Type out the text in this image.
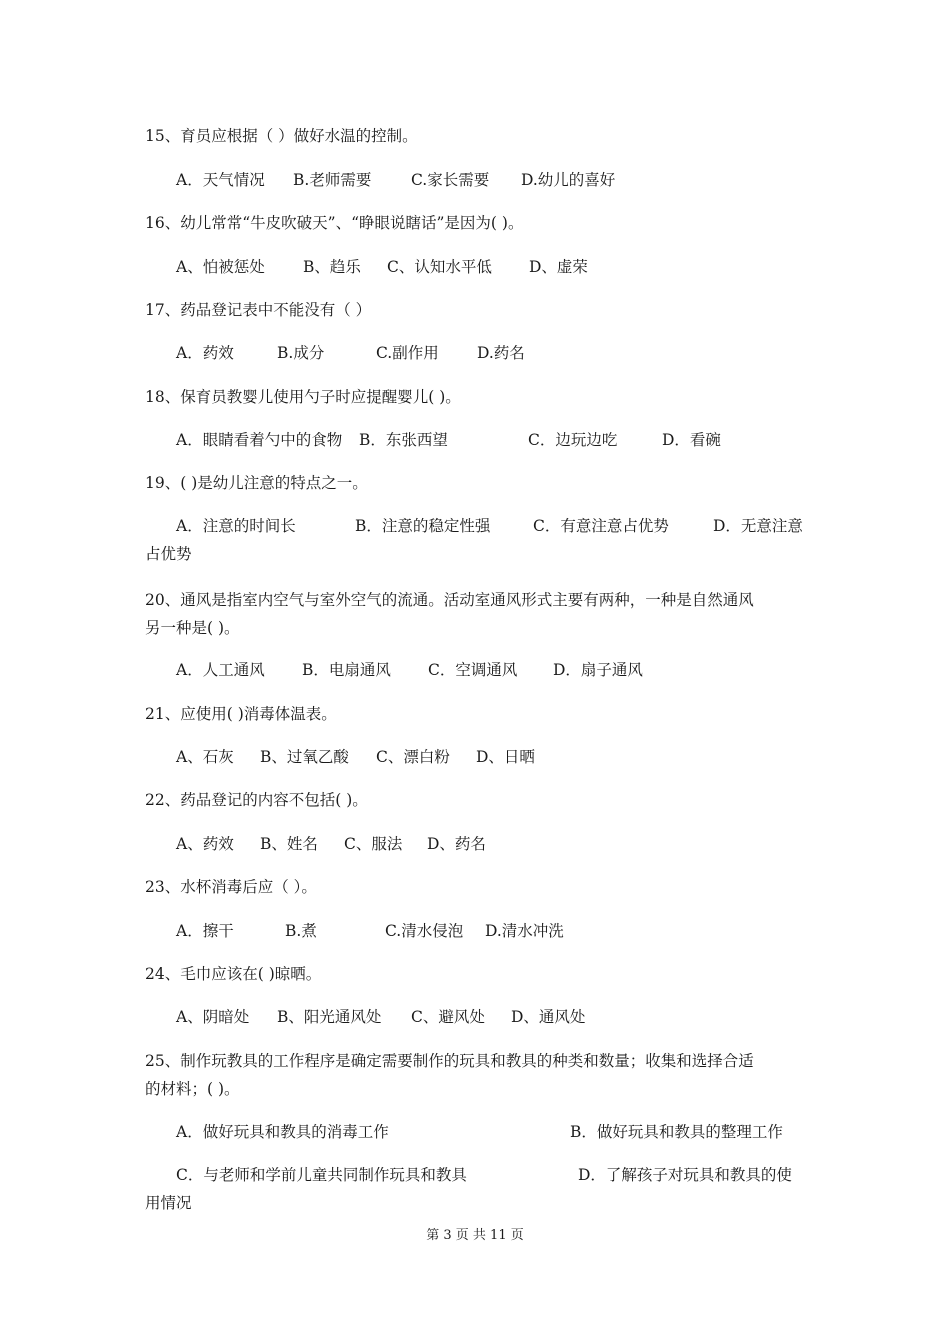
15、育员应根据（ ）做好水温的控制。
A．天气情况 B.老师需要	C.家长需要 D.幼儿的喜好
16、幼儿常常“牛皮吹破天”、“睁眼说瞎话”是因为( )。
A、怕被惩处 B、趋乐 C、认知水平低 D、虚荣
17、药品登记表中不能没有（ ）
A．药效	B.成分	C.副作用 D.药名
18、保育员教婴儿使用勺子时应提醒婴儿( )。
A．眼睛看着勺中的食物 B．东张西望	C．边玩边吃	D．看碗
19、( )是幼儿注意的特点之一。
A．注意的时间长	B．注意的稳定性强	C．有意注意占优势	D．无意注意
占优势
20、通风是指室内空气与室外空气的流通。活动室通风形式主要有两种，一种是自然通风
另一种是( )。
A．人工通风 B．电扇通风 C．空调通风 D．扇子通风
21、应使用( )消毒体温表。
A、石灰 B、过氧乙酸 C、漂白粉 D、日晒
22、药品登记的内容不包括( )。
A、药效 B、姓名 C、服法 D、药名
23、水杯消毒后应（ ）。
A．擦干	B.煮	C.清水侵泡 D.清水冲洗
24、毛巾应该在( )晾晒。
A、阴暗处 B、阳光通风处 C、避风处 D、通风处
25、制作玩教具的工作程序是确定需要制作的玩具和教具的种类和数量；收集和选择合适
的材料；( )。
A．做好玩具和教具的消毒工作	B．做好玩具和教具的整理工作
C．与老师和学前儿童共同制作玩具和教具	D．了解孩子对玩具和教具的使
用情况
第 3 页 共 11 页
